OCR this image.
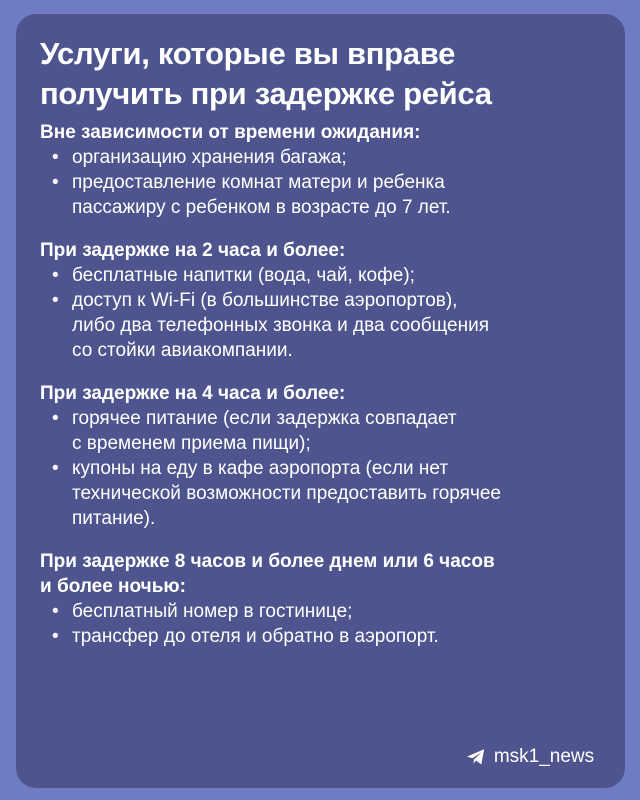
Услуги, которые вы вправе
получить при задержке рейса
Вне зависимости от времени ожидания:
• организацию хранения багажа;
• предоставление комнат матери и ребенка
пассажиру с ребенком в возрасте до 7 лет.
При задержке на 2 часа и более:
• бесплатные напитки (вода, чай, кофе);
• доступ к Wi-Fi (в большинстве аэропортов),
либо два телефонных звонка и два сообщения
со стойки авиакомпании.
При задержке на 4 часа и более:
• горячее питание (если задержка совпадает
с временем приема пищи);
• купоны на еду в кафе аэропорта (если нет
технической возможности предоставить горячее
питание).
При задержке 8 часов и более днем или 6 часов
и более ночью:
• бесплатный номер в гостинице;
• трансфер до отеля и обратно в аэропорт.
msk1_news
